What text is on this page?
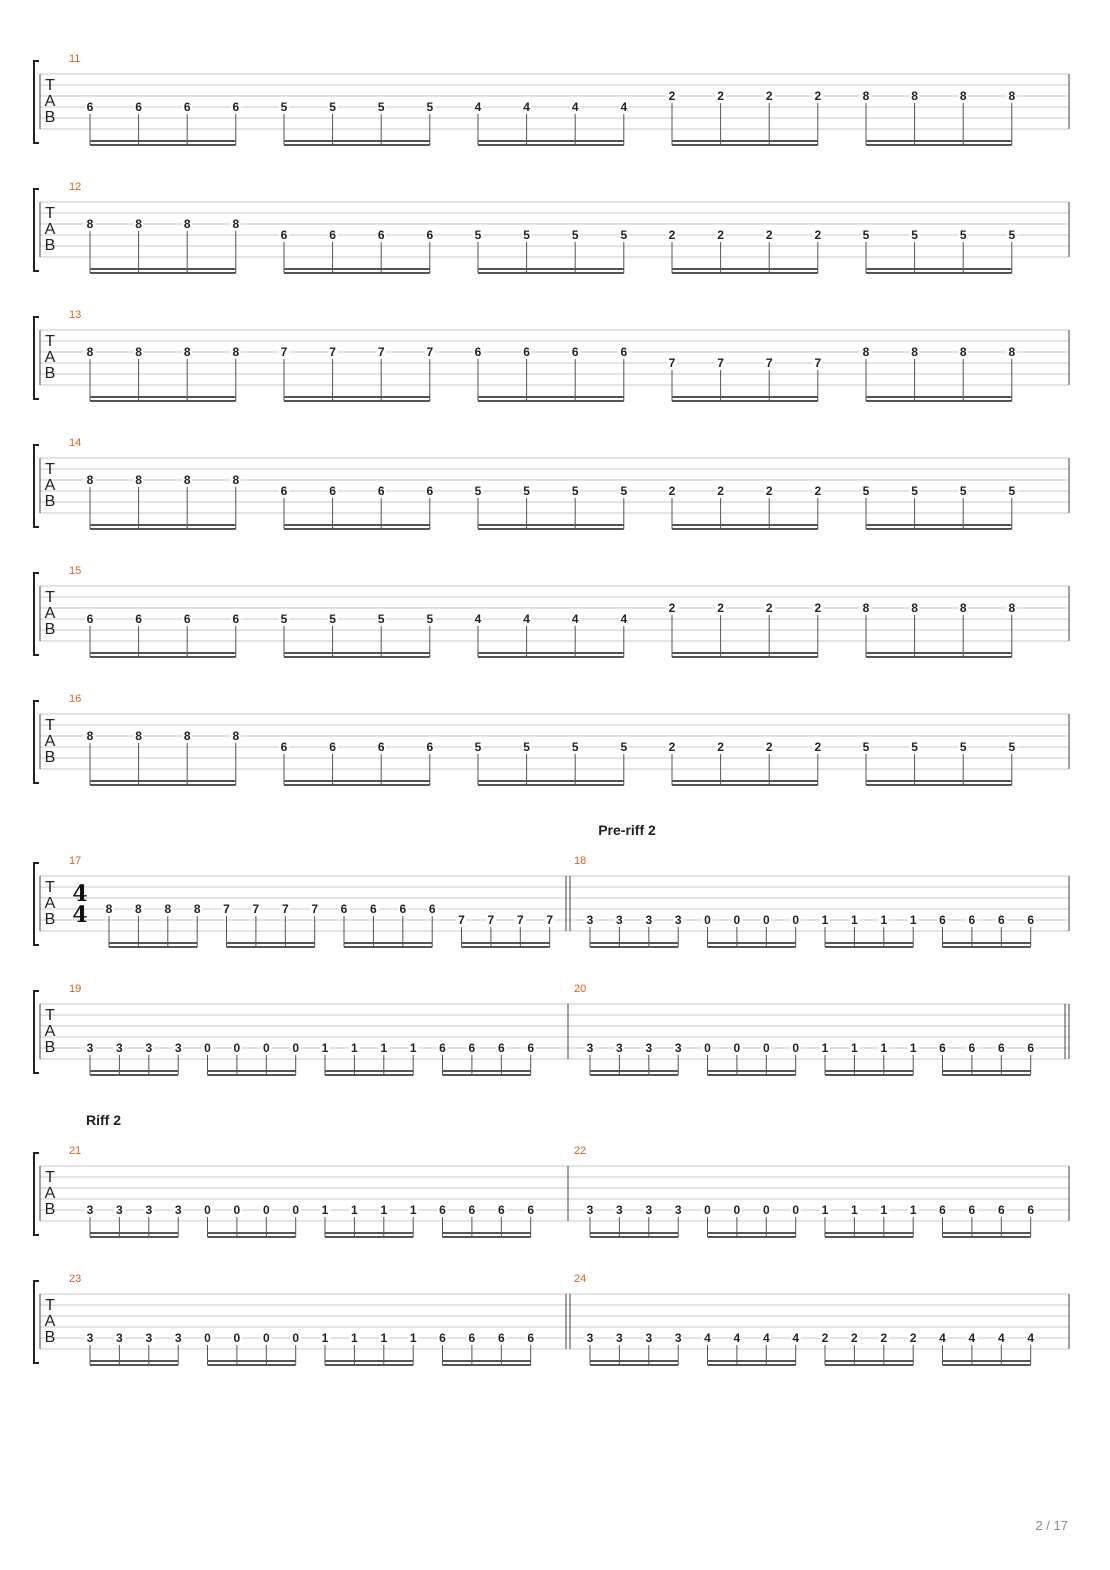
T
A
B
11
6	6	6	6	5	5	5	5	4	4	4	4
2	2	2	2	8	8	8	8
T
A
B
12
8	8	8	8
6	6	6	6	5	5	5	5	2	2	2	2	5	5	5	5
T
A
B
13
8	8	8	8	7	7	7	7	6	6	6	6
7	7	7	7
8	8	8	8
T
A
B
14
8	8	8	8
6	6	6	6	5	5	5	5	2	2	2	2	5	5	5	5
T
A
B
15
6	6	6	6	5	5	5	5	4	4	4	4
2	2	2	2	8	8	8	8
T
A
B
16
8	8	8	8
6	6	6	6	5	5	5	5	2	2	2	2	5	5	5	5
T
A
B
Pre-riff 2
17
4
4 8 8 8 8 7 7 7 7 6 6 6 6
7 7 7 7
18
3 3 3 3 0 0 0 0 1 1 1 1 6 6 6 6
T
A
B
19
3 3 3 3 0 0 0 0 1 1 1 1 6 6 6 6
20
3 3 3 3 0 0 0 0 1 1 1 1 6 6 6 6
T
A
B
Riff 2
21
3 3 3 3 0 0 0 0 1 1 1 1 6 6 6 6
22
3 3 3 3 0 0 0 0 1 1 1 1 6 6 6 6
T
A
B
23
3 3 3 3 0 0 0 0 1 1 1 1 6 6 6 6
24
3 3 3 3 4 4 4 4 2 2 2 2 4 4 4 4
2 / 17
